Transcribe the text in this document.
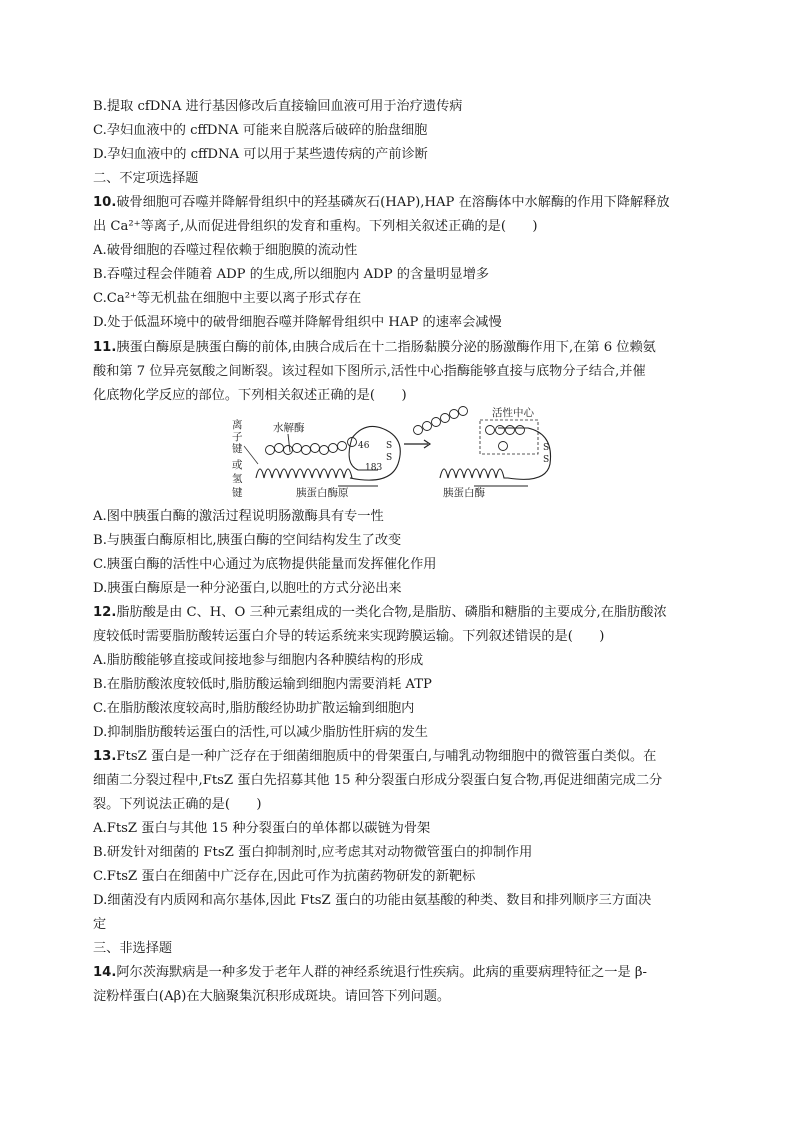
B.提取 cfDNA 进行基因修改后直接输回血液可用于治疗遗传病
C.孕妇血液中的 cffDNA 可能来自脱落后破碎的胎盘细胞
D.孕妇血液中的 cffDNA 可以用于某些遗传病的产前诊断
二、不定项选择题
10.破骨细胞可吞噬并降解骨组织中的羟基磷灰石(HAP),HAP 在溶酶体中水解酶的作用下降解释放
出 Ca²⁺等离子,从而促进骨组织的发育和重构。下列相关叙述正确的是(　　)
A.破骨细胞的吞噬过程依赖于细胞膜的流动性
B.吞噬过程会伴随着 ADP 的生成,所以细胞内 ADP 的含量明显增多
C.Ca²⁺等无机盐在细胞中主要以离子形式存在
D.处于低温环境中的破骨细胞吞噬并降解骨组织中 HAP 的速率会减慢
11.胰蛋白酶原是胰蛋白酶的前体,由胰合成后在十二指肠黏膜分泌的肠激酶作用下,在第 6 位赖氨
酸和第 7 位异亮氨酸之间断裂。该过程如下图所示,活性中心指酶能够直接与底物分子结合,并催
化底物化学反应的部位。下列相关叙述正确的是(　　)
离
子
键
或
氢
键
水解酶
胰蛋白酶原	胰蛋白酶
活性中心
46
183
S
S
S
S
A.图中胰蛋白酶的激活过程说明肠激酶具有专一性
B.与胰蛋白酶原相比,胰蛋白酶的空间结构发生了改变
C.胰蛋白酶的活性中心通过为底物提供能量而发挥催化作用
D.胰蛋白酶原是一种分泌蛋白,以胞吐的方式分泌出来
12.脂肪酸是由 C、H、O 三种元素组成的一类化合物,是脂肪、磷脂和糖脂的主要成分,在脂肪酸浓
度较低时需要脂肪酸转运蛋白介导的转运系统来实现跨膜运输。下列叙述错误的是(　　)
A.脂肪酸能够直接或间接地参与细胞内各种膜结构的形成
B.在脂肪酸浓度较低时,脂肪酸运输到细胞内需要消耗 ATP
C.在脂肪酸浓度较高时,脂肪酸经协助扩散运输到细胞内
D.抑制脂肪酸转运蛋白的活性,可以减少脂肪性肝病的发生
13.FtsZ 蛋白是一种广泛存在于细菌细胞质中的骨架蛋白,与哺乳动物细胞中的微管蛋白类似。在
细菌二分裂过程中,FtsZ 蛋白先招募其他 15 种分裂蛋白形成分裂蛋白复合物,再促进细菌完成二分
裂。下列说法正确的是(　　)
A.FtsZ 蛋白与其他 15 种分裂蛋白的单体都以碳链为骨架
B.研发针对细菌的 FtsZ 蛋白抑制剂时,应考虑其对动物微管蛋白的抑制作用
C.FtsZ 蛋白在细菌中广泛存在,因此可作为抗菌药物研发的新靶标
D.细菌没有内质网和高尔基体,因此 FtsZ 蛋白的功能由氨基酸的种类、数目和排列顺序三方面决
定
三、非选择题
14.阿尔茨海默病是一种多发于老年人群的神经系统退行性疾病。此病的重要病理特征之一是 β-
淀粉样蛋白(Aβ)在大脑聚集沉积形成斑块。请回答下列问题。
